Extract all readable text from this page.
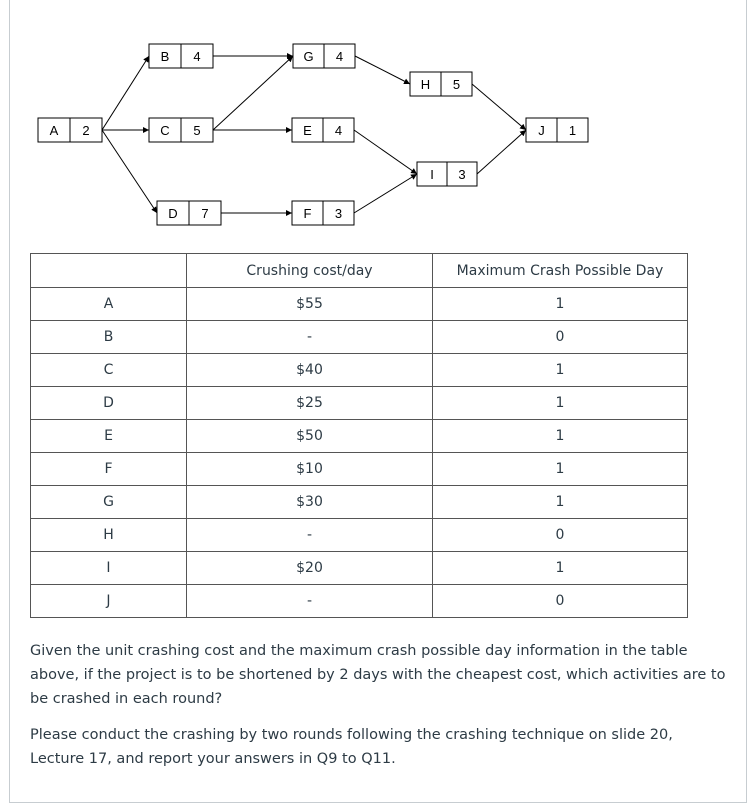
A 2
B 4
C 5
D 7
G 4
E 4
F 3
H 5
I 3
J 1
	Crushing cost/day	Maximum Crash Possible Day
A	$55	1
B	-	0
C	$40	1
D	$25	1
E	$50	1
F	$10	1
G	$30	1
H	-	0
I	$20	1
J	-	0

Given the unit crashing cost and the maximum crash possible day information in the table above, if the project is to be shortened by 2 days with the cheapest cost, which activities are to be crashed in each round?

Please conduct the crashing by two rounds following the crashing technique on slide 20, Lecture 17, and report your answers in Q9 to Q11.
